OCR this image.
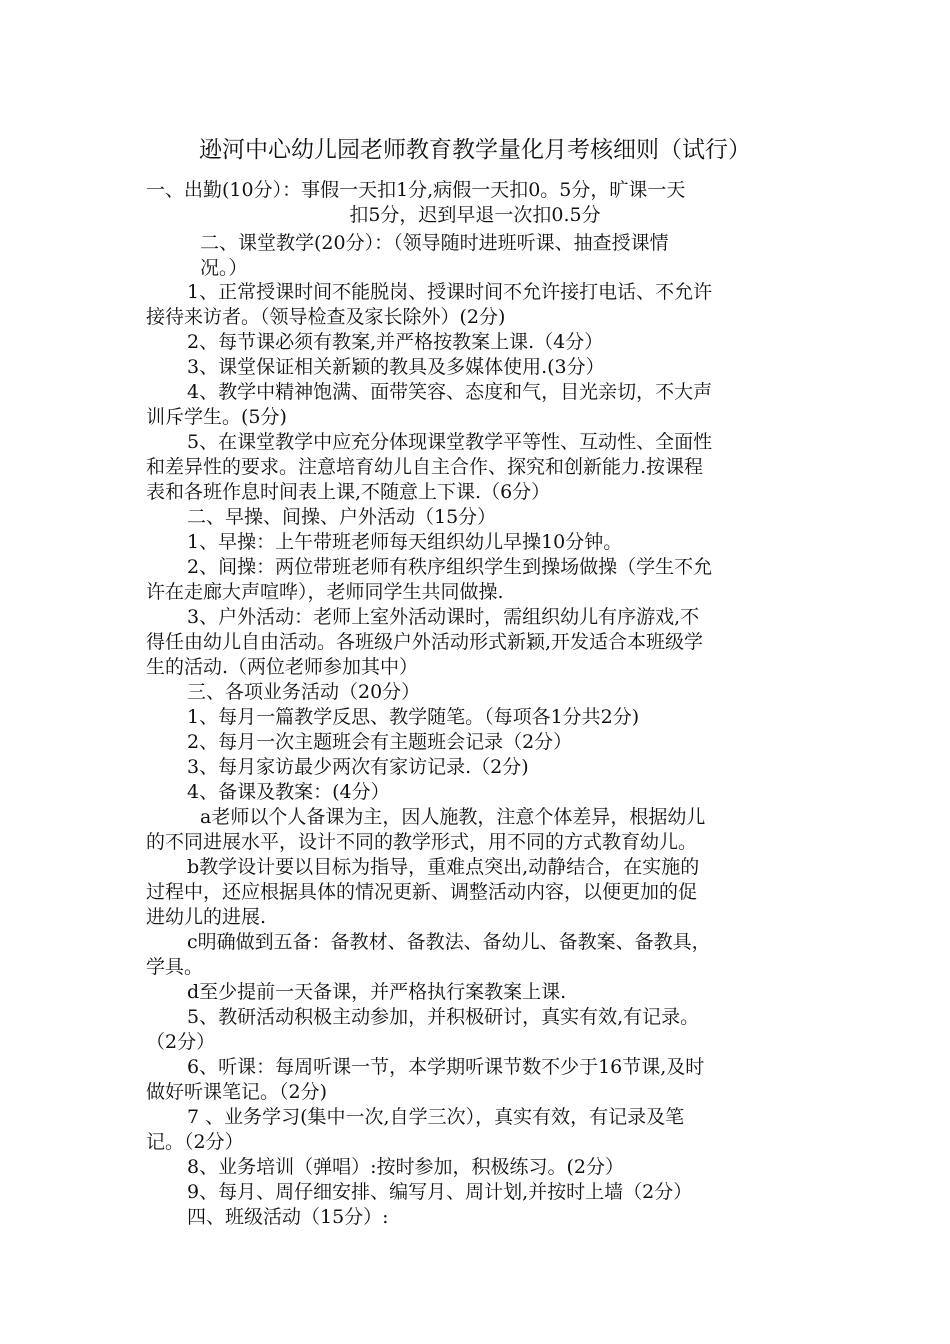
逊河中心幼儿园老师教育教学量化月考核细则（试行）
一、出勤(10分）：事假一天扣1分,病假一天扣0。5分，旷课一天
扣5分，迟到早退一次扣0.5分
二、课堂教学(20分）：（领导随时进班听课、抽查授课情
况。）
1、正常授课时间不能脱岗、授课时间不允许接打电话、不允许
接待来访者。（领导检查及家长除外）(2分)
2、每节课必须有教案,并严格按教案上课.（4分）
3、课堂保证相关新颖的教具及多媒体使用.(3分）
4、教学中精神饱满、面带笑容、态度和气，目光亲切，不大声
训斥学生。(5分)
5、在课堂教学中应充分体现课堂教学平等性、互动性、全面性
和差异性的要求。注意培育幼儿自主合作、探究和创新能力.按课程
表和各班作息时间表上课,不随意上下课.（6分）
二、早操、间操、户外活动（15分）
1、早操：上午带班老师每天组织幼儿早操10分钟。
2、间操：两位带班老师有秩序组织学生到操场做操（学生不允
许在走廊大声喧哗），老师同学生共同做操.
3、户外活动：老师上室外活动课时，需组织幼儿有序游戏,不
得任由幼儿自由活动。各班级户外活动形式新颖,开发适合本班级学
生的活动.（两位老师参加其中）
三、各项业务活动（20分）
1、每月一篇教学反思、教学随笔。（每项各1分共2分)
2、每月一次主题班会有主题班会记录（2分）
3、每月家访最少两次有家访记录.（2分)
4、备课及教案：(4分）
a老师以个人备课为主，因人施教，注意个体差异，根据幼儿
的不同进展水平，设计不同的教学形式，用不同的方式教育幼儿。
b教学设计要以目标为指导，重难点突出,动静结合，在实施的
过程中，还应根据具体的情况更新、调整活动内容，以便更加的促
进幼儿的进展.
c明确做到五备：备教材、备教法、备幼儿、备教案、备教具，
学具。
d至少提前一天备课，并严格执行案教案上课.
5、教研活动积极主动参加，并积极研讨，真实有效,有记录。
（2分）
6、听课：每周听课一节，本学期听课节数不少于16节课,及时
做好听课笔记。（2分)
7 、业务学习(集中一次,自学三次），真实有效，有记录及笔
记。（2分）
8、业务培训（弹唱）:按时参加，积极练习。(2分）
9、每月、周仔细安排、编写月、周计划,并按时上墙（2分）
四、班级活动（15分）:
